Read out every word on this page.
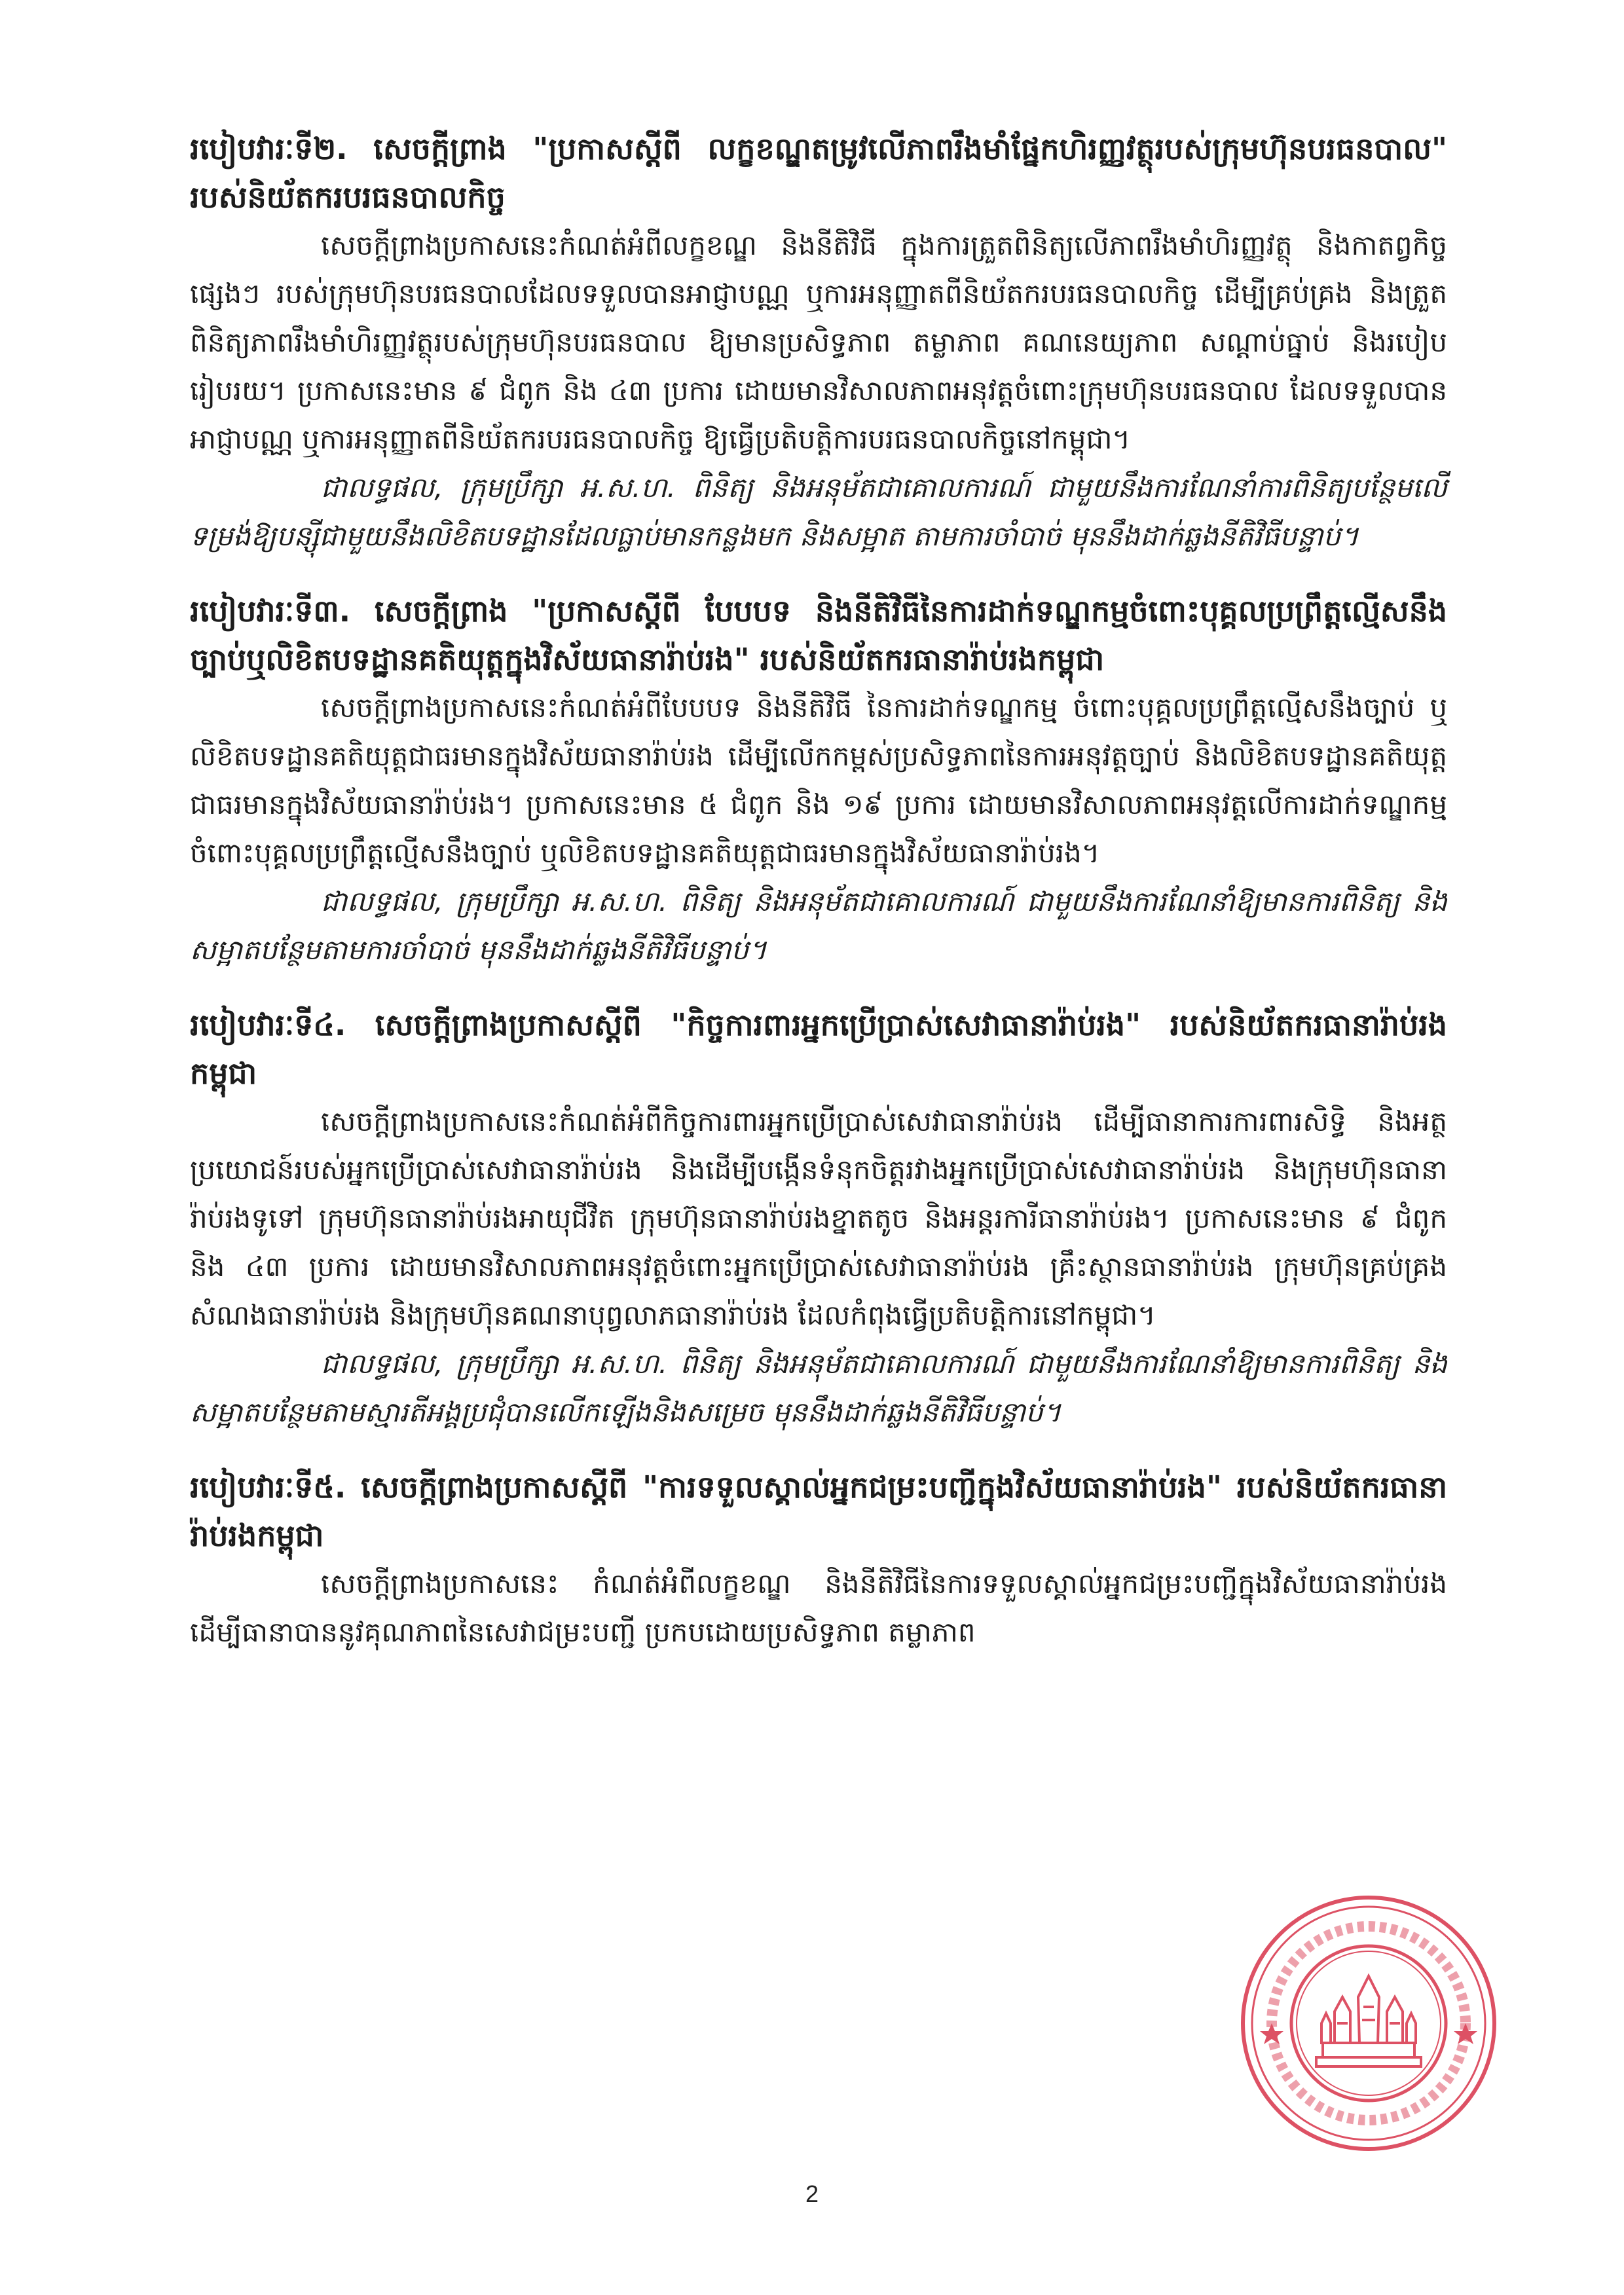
របៀបវារៈទី២. សេចក្តីព្រាង "ប្រកាសស្តីពី លក្ខខណ្ឌតម្រូវលើភាពរឹងមាំផ្នែកហិរញ្ញវត្ថុរបស់ក្រុមហ៊ុនបរធនបាល" របស់និយ័តករបរធនបាលកិច្ច

សេចក្តីព្រាងប្រកាសនេះកំណត់អំពីលក្ខខណ្ឌ និងនីតិវិធី ក្នុងការត្រួតពិនិត្យលើភាពរឹងមាំហិរញ្ញវត្ថុ និងកាតព្វកិច្ចផ្សេងៗ របស់ក្រុមហ៊ុនបរធនបាលដែលទទួលបានអាជ្ញាបណ្ណ ឬការអនុញ្ញាតពីនិយ័តករបរធនបាលកិច្ច ដើម្បីគ្រប់គ្រង និងត្រួតពិនិត្យភាពរឹងមាំហិរញ្ញវត្ថុរបស់ក្រុមហ៊ុនបរធនបាល ឱ្យមានប្រសិទ្ធភាព តម្លាភាព គណនេយ្យភាព សណ្តាប់ធ្នាប់ និងរបៀបរៀបរយ។ ប្រកាសនេះមាន ៩ ជំពូក និង ៤៣ ប្រការ ដោយមានវិសាលភាពអនុវត្តចំពោះក្រុមហ៊ុនបរធនបាល ដែលទទួលបានអាជ្ញាបណ្ណ ឬការអនុញ្ញាតពីនិយ័តករបរធនបាលកិច្ច ឱ្យធ្វើប្រតិបត្តិការបរធនបាលកិច្ចនៅកម្ពុជា។

ជាលទ្ធផល, ក្រុមប្រឹក្សា អ.ស.ហ. ពិនិត្យ និងអនុម័តជាគោលការណ៍ ជាមួយនឹងការណែនាំការពិនិត្យបន្ថែមលើទម្រង់ឱ្យបន្ស៊ីជាមួយនឹងលិខិតបទដ្ឋានដែលធ្លាប់មានកន្លងមក និងសម្អាត តាមការចាំបាច់ មុននឹងដាក់ឆ្លងនីតិវិធីបន្ទាប់។

របៀបវារៈទី៣. សេចក្តីព្រាង "ប្រកាសស្តីពី បែបបទ និងនីតិវិធីនៃការដាក់ទណ្ឌកម្មចំពោះបុគ្គលប្រព្រឹត្តល្មើសនឹងច្បាប់ឬលិខិតបទដ្ឋានគតិយុត្តក្នុងវិស័យធានារ៉ាប់រង" របស់និយ័តករធានារ៉ាប់រងកម្ពុជា

សេចក្តីព្រាងប្រកាសនេះកំណត់អំពីបែបបទ និងនីតិវិធី នៃការដាក់ទណ្ឌកម្ម ចំពោះបុគ្គលប្រព្រឹត្តល្មើសនឹងច្បាប់ ឬលិខិតបទដ្ឋានគតិយុត្តជាធរមានក្នុងវិស័យធានារ៉ាប់រង ដើម្បីលើកកម្ពស់ប្រសិទ្ធភាពនៃការអនុវត្តច្បាប់ និងលិខិតបទដ្ឋានគតិយុត្តជាធរមានក្នុងវិស័យធានារ៉ាប់រង។ ប្រកាសនេះមាន ៥ ជំពូក និង ១៩ ប្រការ ដោយមានវិសាលភាពអនុវត្តលើការដាក់ទណ្ឌកម្ម ចំពោះបុគ្គលប្រព្រឹត្តល្មើសនឹងច្បាប់ ឬលិខិតបទដ្ឋានគតិយុត្តជាធរមានក្នុងវិស័យធានារ៉ាប់រង។

ជាលទ្ធផល, ក្រុមប្រឹក្សា អ.ស.ហ. ពិនិត្យ និងអនុម័តជាគោលការណ៍ ជាមួយនឹងការណែនាំឱ្យមានការពិនិត្យ និងសម្អាតបន្ថែមតាមការចាំបាច់ មុននឹងដាក់ឆ្លងនីតិវិធីបន្ទាប់។

របៀបវារៈទី៤. សេចក្តីព្រាងប្រកាសស្តីពី "កិច្ចការពារអ្នកប្រើប្រាស់សេវាធានារ៉ាប់រង" របស់និយ័តករធានារ៉ាប់រងកម្ពុជា

សេចក្តីព្រាងប្រកាសនេះកំណត់អំពីកិច្ចការពារអ្នកប្រើប្រាស់សេវាធានារ៉ាប់រង ដើម្បីធានាការការពារសិទ្ធិ និងអត្ថប្រយោជន៍របស់អ្នកប្រើប្រាស់សេវាធានារ៉ាប់រង និងដើម្បីបង្កើនទំនុកចិត្តរវាងអ្នកប្រើប្រាស់សេវាធានារ៉ាប់រង និងក្រុមហ៊ុនធានារ៉ាប់រងទូទៅ ក្រុមហ៊ុនធានារ៉ាប់រងអាយុជីវិត ក្រុមហ៊ុនធានារ៉ាប់រងខ្នាតតូច និងអន្តរការីធានារ៉ាប់រង។ ប្រកាសនេះមាន ៩ ជំពូក និង ៤៣ ប្រការ ដោយមានវិសាលភាពអនុវត្តចំពោះអ្នកប្រើប្រាស់សេវាធានារ៉ាប់រង គ្រឹះស្ថានធានារ៉ាប់រង ក្រុមហ៊ុនគ្រប់គ្រងសំណងធានារ៉ាប់រង និងក្រុមហ៊ុនគណនាបុព្វលាភធានារ៉ាប់រង ដែលកំពុងធ្វើប្រតិបត្តិការនៅកម្ពុជា។

ជាលទ្ធផល, ក្រុមប្រឹក្សា អ.ស.ហ. ពិនិត្យ និងអនុម័តជាគោលការណ៍ ជាមួយនឹងការណែនាំឱ្យមានការពិនិត្យ និងសម្អាតបន្ថែមតាមស្មារតីអង្គប្រជុំបានលើកឡើងនិងសម្រេច មុននឹងដាក់ឆ្លងនីតិវិធីបន្ទាប់។

របៀបវារៈទី៥. សេចក្តីព្រាងប្រកាសស្តីពី "ការទទួលស្គាល់អ្នកជម្រះបញ្ជីក្នុងវិស័យធានារ៉ាប់រង" របស់និយ័តករធានារ៉ាប់រងកម្ពុជា

សេចក្តីព្រាងប្រកាសនេះ កំណត់អំពីលក្ខខណ្ឌ និងនីតិវិធីនៃការទទួលស្គាល់អ្នកជម្រះបញ្ជីក្នុងវិស័យធានារ៉ាប់រង ដើម្បីធានាបាននូវគុណភាពនៃសេវាជម្រះបញ្ជី ប្រកបដោយប្រសិទ្ធភាព តម្លាភាព

2
